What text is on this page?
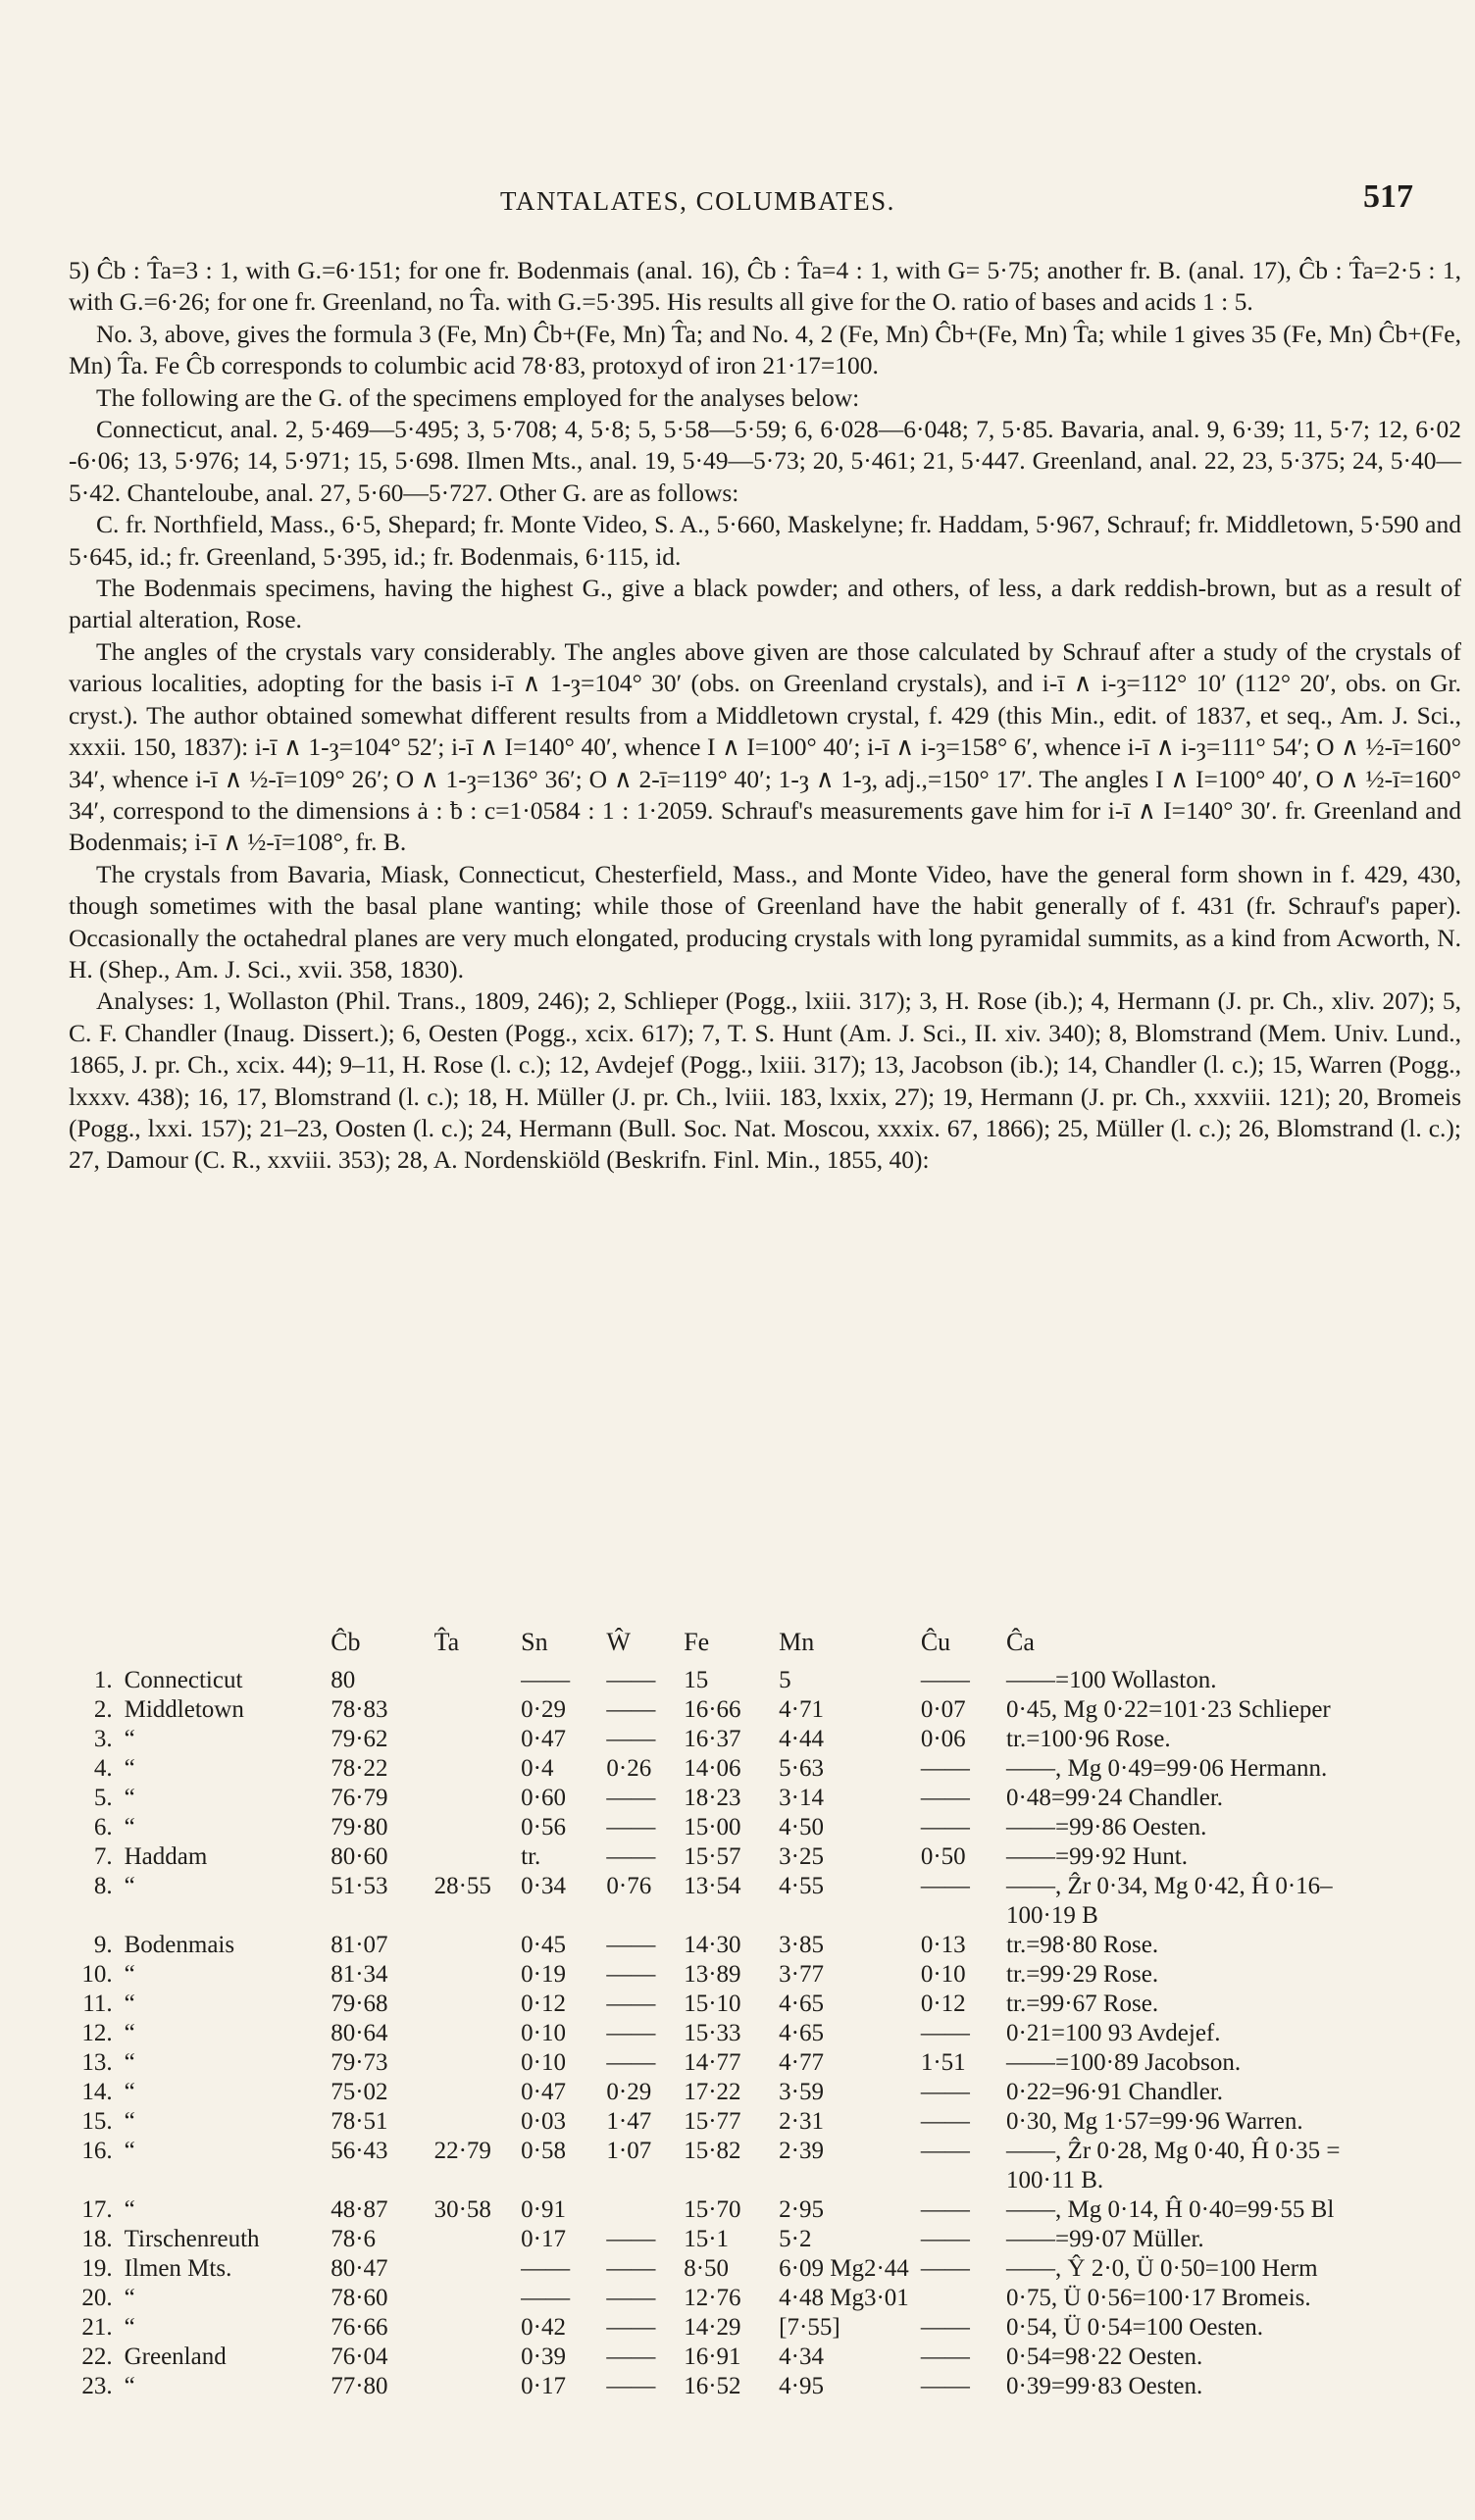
TANTALATES, COLUMBATES.	517

5) Ĉb : T̂a=3 : 1, with G.=6·151; for one fr. Bodenmais (anal. 16), Ĉb : T̂a=4 : 1, with G= 5·75; another fr. B. (anal. 17), Ĉb : T̂a=2·5 : 1, with G.=6·26; for one fr. Greenland, no T̂a. with G.=5·395. His results all give for the O. ratio of bases and acids 1 : 5.

No. 3, above, gives the formula 3 (Fe, Mn) Ĉb+(Fe, Mn) T̂a; and No. 4, 2 (Fe, Mn) Ĉb+(Fe, Mn) T̂a; while 1 gives 35 (Fe, Mn) Ĉb+(Fe, Mn) T̂a. Fe Ĉb corresponds to columbic acid 78·83, protoxyd of iron 21·17=100.

The following are the G. of the specimens employed for the analyses below:

Connecticut, anal. 2, 5·469—5·495; 3, 5·708; 4, 5·8; 5, 5·58—5·59; 6, 6·028—6·048; 7, 5·85. Bavaria, anal. 9, 6·39; 11, 5·7; 12, 6·02 -6·06; 13, 5·976; 14, 5·971; 15, 5·698. Ilmen Mts., anal. 19, 5·49—5·73; 20, 5·461; 21, 5·447. Greenland, anal. 22, 23, 5·375; 24, 5·40—5·42. Chanteloube, anal. 27, 5·60—5·727. Other G. are as follows:

C. fr. Northfield, Mass., 6·5, Shepard; fr. Monte Video, S. A., 5·660, Maskelyne; fr. Haddam, 5·967, Schrauf; fr. Middletown, 5·590 and 5·645, id.; fr. Greenland, 5·395, id.; fr. Bodenmais, 6·115, id.

The Bodenmais specimens, having the highest G., give a black powder; and others, of less, a dark reddish-brown, but as a result of partial alteration, Rose.

The angles of the crystals vary considerably. The angles above given are those calculated by Schrauf after a study of the crystals of various localities, adopting for the basis i-ī ∧ 1-ȝ=104° 30′ (obs. on Greenland crystals), and i-ī ∧ i-ȝ=112° 10′ (112° 20′, obs. on Gr. cryst.). The author obtained somewhat different results from a Middletown crystal, f. 429 (this Min., edit. of 1837, et seq., Am. J. Sci., xxxii. 150, 1837): i-ī ∧ 1-ȝ=104° 52′; i-ī ∧ I=140° 40′, whence I ∧ I=100° 40′; i-ī ∧ i-ȝ=158° 6′, whence i-ī ∧ i-ȝ=111° 54′; O ∧ ½-ī=160° 34′, whence i-ī ∧ ½-ī=109° 26′; O ∧ 1-ȝ=136° 36′; O ∧ 2-ī=119° 40′; 1-ȝ ∧ 1-ȝ, adj.,=150° 17′. The angles I ∧ I=100° 40′, O ∧ ½-ī=160° 34′, correspond to the dimensions ȧ : ƀ : c=1·0584 : 1 : 1·2059. Schrauf's measurements gave him for i-ī ∧ I=140° 30′. fr. Greenland and Bodenmais; i-ī ∧ ½-ī=108°, fr. B.

The crystals from Bavaria, Miask, Connecticut, Chesterfield, Mass., and Monte Video, have the general form shown in f. 429, 430, though sometimes with the basal plane wanting; while those of Greenland have the habit generally of f. 431 (fr. Schrauf's paper). Occasionally the octahedral planes are very much elongated, producing crystals with long pyramidal summits, as a kind from Acworth, N. H. (Shep., Am. J. Sci., xvii. 358, 1830).

Analyses: 1, Wollaston (Phil. Trans., 1809, 246); 2, Schlieper (Pogg., lxiii. 317); 3, H. Rose (ib.); 4, Hermann (J. pr. Ch., xliv. 207); 5, C. F. Chandler (Inaug. Dissert.); 6, Oesten (Pogg., xcix. 617); 7, T. S. Hunt (Am. J. Sci., II. xiv. 340); 8, Blomstrand (Mem. Univ. Lund., 1865, J. pr. Ch., xcix. 44); 9–11, H. Rose (l. c.); 12, Avdejef (Pogg., lxiii. 317); 13, Jacobson (ib.); 14, Chandler (l. c.); 15, Warren (Pogg., lxxxv. 438); 16, 17, Blomstrand (l. c.); 18, H. Müller (J. pr. Ch., lviii. 183, lxxix, 27); 19, Hermann (J. pr. Ch., xxxviii. 121); 20, Bromeis (Pogg., lxxi. 157); 21–23, Oosten (l. c.); 24, Hermann (Bull. Soc. Nat. Moscou, xxxix. 67, 1866); 25, Müller (l. c.); 26, Blomstrand (l. c.); 27, Damour (C. R., xxviii. 353); 28, A. Nordenskiöld (Beskrifn. Finl. Min., 1855, 40):

		Ĉb	T̂a	Sn	Ŵ	Fe	Mn	Ĉu	Ĉa
1.	Connecticut	80		——	——	15	5	——	——=100 Wollaston.
2.	Middletown	78·83		0·29	——	16·66	4·71	0·07	0·45, Mg 0·22=101·23 Schlieper
3.	“	79·62		0·47	——	16·37	4·44	0·06	tr.=100·96 Rose.
4.	“	78·22		0·4	0·26	14·06	5·63	——	——, Mg 0·49=99·06 Hermann.
5.	“	76·79		0·60	——	18·23	3·14	——	0·48=99·24 Chandler.
6.	“	79·80		0·56	——	15·00	4·50	——	——=99·86 Oesten.
7.	Haddam	80·60		tr.	——	15·57	3·25	0·50	——=99·92 Hunt.
8.	“	51·53	28·55	0·34	0·76	13·54	4·55	——	——, Ẑr 0·34, Mg 0·42, Ĥ 0·16–
									100·19 B
9.	Bodenmais	81·07		0·45	——	14·30	3·85	0·13	tr.=98·80 Rose.
10.	“	81·34		0·19	——	13·89	3·77	0·10	tr.=99·29 Rose.
11.	“	79·68		0·12	——	15·10	4·65	0·12	tr.=99·67 Rose.
12.	“	80·64		0·10	——	15·33	4·65	——	0·21=100 93 Avdejef.
13.	“	79·73		0·10	——	14·77	4·77	1·51	——=100·89 Jacobson.
14.	“	75·02		0·47	0·29	17·22	3·59	——	0·22=96·91 Chandler.
15.	“	78·51		0·03	1·47	15·77	2·31	——	0·30, Mg 1·57=99·96 Warren.
16.	“	56·43	22·79	0·58	1·07	15·82	2·39	——	——, Ẑr 0·28, Mg 0·40, Ĥ 0·35 =
									100·11 B.
17.	“	48·87	30·58	0·91		15·70	2·95	——	——, Mg 0·14, Ĥ 0·40=99·55 Bl
18.	Tirschenreuth	78·6		0·17	——	15·1	5·2	——	——=99·07 Müller.
19.	Ilmen Mts.	80·47		——	——	8·50	6·09 Mg2·44	——	——, Ŷ 2·0, Ü 0·50=100 Herm
20.	“	78·60		——	——	12·76	4·48 Mg3·01		0·75, Ü 0·56=100·17 Bromeis.
21.	“	76·66		0·42	——	14·29	[7·55]	——	0·54, Ü 0·54=100 Oesten.
22.	Greenland	76·04		0·39	——	16·91	4·34	——	0·54=98·22 Oesten.
23.	“	77·80		0·17	——	16·52	4·95	——	0·39=99·83 Oesten.
